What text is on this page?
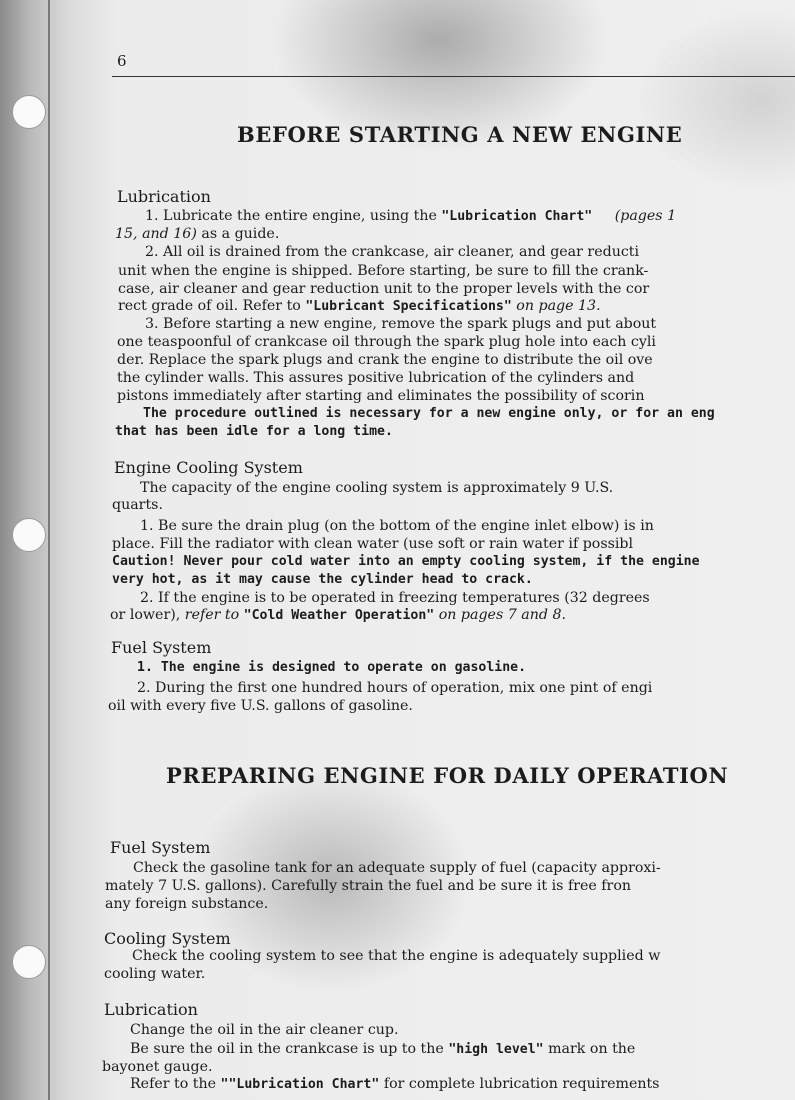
6
BEFORE STARTING A NEW ENGINE
Lubrication
1. Lubricate the entire engine, using the "Lubrication Chart" (pages 1
15, and 16) as a guide.
2. All oil is drained from the crankcase, air cleaner, and gear reducti
unit when the engine is shipped. Before starting, be sure to fill the crank-
case, air cleaner and gear reduction unit to the proper levels with the cor
rect grade of oil. Refer to "Lubricant Specifications" on page 13.
3. Before starting a new engine, remove the spark plugs and put about
one teaspoonful of crankcase oil through the spark plug hole into each cyli
der. Replace the spark plugs and crank the engine to distribute the oil ove
the cylinder walls. This assures positive lubrication of the cylinders and
pistons immediately after starting and eliminates the possibility of scorin
The procedure outlined is necessary for a new engine only, or for an eng
that has been idle for a long time.
Engine Cooling System
The capacity of the engine cooling system is approximately 9 U.S.
quarts.
1. Be sure the drain plug (on the bottom of the engine inlet elbow) is in
place. Fill the radiator with clean water (use soft or rain water if possibl
Caution! Never pour cold water into an empty cooling system, if the engine
very hot, as it may cause the cylinder head to crack.
2. If the engine is to be operated in freezing temperatures (32 degrees
or lower), refer to "Cold Weather Operation" on pages 7 and 8.
Fuel System
1. The engine is designed to operate on gasoline.
2. During the first one hundred hours of operation, mix one pint of engi
oil with every five U.S. gallons of gasoline.
PREPARING ENGINE FOR DAILY OPERATION
Fuel System
Check the gasoline tank for an adequate supply of fuel (capacity approxi-
mately 7 U.S. gallons). Carefully strain the fuel and be sure it is free fron
any foreign substance.
Cooling System
Check the cooling system to see that the engine is adequately supplied w
cooling water.
Lubrication
Change the oil in the air cleaner cup.
Be sure the oil in the crankcase is up to the "high level" mark on the
bayonet gauge.
Refer to the ""Lubrication Chart" for complete lubrication requirements
